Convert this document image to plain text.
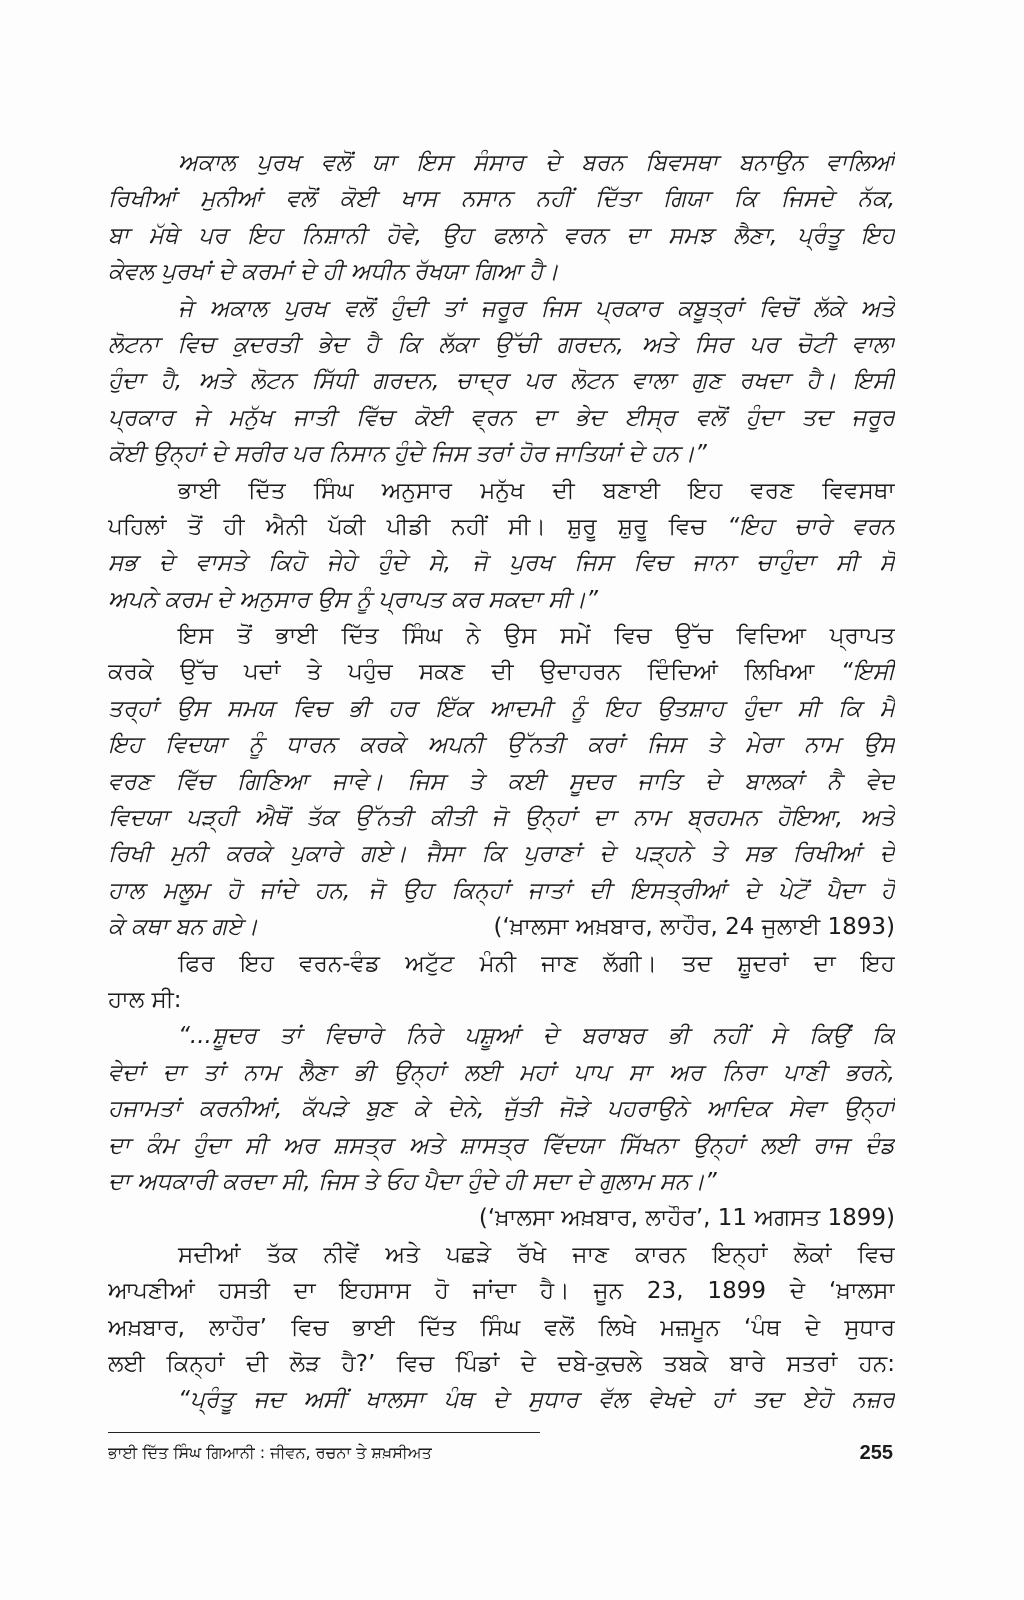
ਅਕਾਲ ਪੁਰਖ ਵਲੋਂ ਯਾ ਇਸ ਸੰਸਾਰ ਦੇ ਬਰਨ ਬਿਵਸਥਾ ਬਨਾਉਨ ਵਾਲਿਆਂ
ਰਿਖੀਆਂ ਮੁਨੀਆਂ ਵਲੋਂ ਕੋਈ ਖਾਸ ਨਸਾਨ ਨਹੀਂ ਦਿੱਤਾ ਗਿਯਾ ਕਿ ਜਿਸਦੇ ਨੱਕ,
ਬਾ ਮੱਥੇ ਪਰ ਇਹ ਨਿਸ਼ਾਨੀ ਹੋਵੇ, ਉਹ ਫਲਾਨੇ ਵਰਨ ਦਾ ਸਮਝ ਲੈਣਾ, ਪ੍ਰੰਤੂ ਇਹ
ਕੇਵਲ ਪੁਰਖਾਂ ਦੇ ਕਰਮਾਂ ਦੇ ਹੀ ਅਧੀਨ ਰੱਖਯਾ ਗਿਆ ਹੈ।
ਜੇ ਅਕਾਲ ਪੁਰਖ ਵਲੋਂ ਹੁੰਦੀ ਤਾਂ ਜਰੂਰ ਜਿਸ ਪ੍ਰਕਾਰ ਕਬੂਤ੍ਰਾਂ ਵਿਚੋਂ ਲੱਕੇ ਅਤੇ
ਲੋਟਨਾ ਵਿਚ ਕੁਦਰਤੀ ਭੇਦ ਹੈ ਕਿ ਲੱਕਾ ਉੱਚੀ ਗਰਦਨ, ਅਤੇ ਸਿਰ ਪਰ ਚੋਟੀ ਵਾਲਾ
ਹੁੰਦਾ ਹੈ, ਅਤੇ ਲੋਟਨ ਸਿੱਧੀ ਗਰਦਨ, ਚਾਦ੍ਰ ਪਰ ਲੋਟਨ ਵਾਲਾ ਗੁਣ ਰਖਦਾ ਹੈ। ਇਸੀ
ਪ੍ਰਕਾਰ ਜੇ ਮਨੁੱਖ ਜਾਤੀ ਵਿੱਚ ਕੋਈ ਵ੍ਰਨ ਦਾ ਭੇਦ ਈਸ੍ਰ ਵਲੋਂ ਹੁੰਦਾ ਤਦ ਜਰੂਰ
ਕੋਈ ਉਨ੍ਹਾਂ ਦੇ ਸਰੀਰ ਪਰ ਨਿਸਾਨ ਹੁੰਦੇ ਜਿਸ ਤਰਾਂ ਹੋਰ ਜਾਤਿਯਾਂ ਦੇ ਹਨ।”
ਭਾਈ ਦਿੱਤ ਸਿੰਘ ਅਨੁਸਾਰ ਮਨੁੱਖ ਦੀ ਬਣਾਈ ਇਹ ਵਰਣ ਵਿਵਸਥਾ
ਪਹਿਲਾਂ ਤੋਂ ਹੀ ਐਨੀ ਪੱਕੀ ਪੀਡੀ ਨਹੀਂ ਸੀ। ਸ਼ੁਰੂ ਸ਼ੁਰੂ ਵਿਚ “ਇਹ ਚਾਰੇ ਵਰਨ
ਸਭ ਦੇ ਵਾਸਤੇ ਕਿਹੋ ਜੇਹੇ ਹੁੰਦੇ ਸੇ, ਜੋ ਪੁਰਖ ਜਿਸ ਵਿਚ ਜਾਨਾ ਚਾਹੁੰਦਾ ਸੀ ਸੋ
ਅਪਨੇ ਕਰਮ ਦੇ ਅਨੁਸਾਰ ਉਸ ਨੂੰ ਪ੍ਰਾਪਤ ਕਰ ਸਕਦਾ ਸੀ।”
ਇਸ ਤੋਂ ਭਾਈ ਦਿੱਤ ਸਿੰਘ ਨੇ ਉਸ ਸਮੇਂ ਵਿਚ ਉੱਚ ਵਿਦਿਆ ਪ੍ਰਾਪਤ
ਕਰਕੇ ਉੱਚ ਪਦਾਂ ਤੇ ਪਹੁੰਚ ਸਕਣ ਦੀ ਉਦਾਹਰਨ ਦਿੰਦਿਆਂ ਲਿਖਿਆ “ਇਸੀ
ਤਰ੍ਹਾਂ ਉਸ ਸਮਯ ਵਿਚ ਭੀ ਹਰ ਇੱਕ ਆਦਮੀ ਨੂੰ ਇਹ ਉਤਸ਼ਾਹ ਹੁੰਦਾ ਸੀ ਕਿ ਮੈਂ
ਇਹ ਵਿਦਯਾ ਨੂੰ ਧਾਰਨ ਕਰਕੇ ਅਪਨੀ ਉੱਨਤੀ ਕਰਾਂ ਜਿਸ ਤੇ ਮੇਰਾ ਨਾਮ ਉਸ
ਵਰਣ ਵਿੱਚ ਗਿਣਿਆ ਜਾਵੇ। ਜਿਸ ਤੇ ਕਈ ਸੂਦਰ ਜਾਤਿ ਦੇ ਬਾਲਕਾਂ ਨੈ ਵੇਦ
ਵਿਦਯਾ ਪੜ੍ਹੀ ਐਥੋਂ ਤੱਕ ਉੱਨਤੀ ਕੀਤੀ ਜੋ ਉਨ੍ਹਾਂ ਦਾ ਨਾਮ ਬ੍ਰਹਮਨ ਹੋਇਆ, ਅਤੇ
ਰਿਖੀ ਮੁਨੀ ਕਰਕੇ ਪੁਕਾਰੇ ਗਏ। ਜੈਸਾ ਕਿ ਪੁਰਾਣਾਂ ਦੇ ਪੜ੍ਹਨੇ ਤੇ ਸਭ ਰਿਖੀਆਂ ਦੇ
ਹਾਲ ਮਲੂਮ ਹੋ ਜਾਂਦੇ ਹਨ, ਜੋ ਉਹ ਕਿਨ੍ਹਾਂ ਜਾਤਾਂ ਦੀ ਇਸਤ੍ਰੀਆਂ ਦੇ ਪੇਟੋਂ ਪੈਦਾ ਹੋ
ਕੇ ਕਥਾ ਬਨ ਗਏ।	(‘ਖ਼ਾਲਸਾ ਅਖ਼ਬਾਰ, ਲਾਹੌਰ, 24 ਜੁਲਾਈ 1893)
ਫਿਰ ਇਹ ਵਰਨ-ਵੰਡ ਅਟੁੱਟ ਮੰਨੀ ਜਾਣ ਲੱਗੀ। ਤਦ ਸ਼ੂਦਰਾਂ ਦਾ ਇਹ
ਹਾਲ ਸੀ:
“...ਸ਼ੂਦਰ ਤਾਂ ਵਿਚਾਰੇ ਨਿਰੇ ਪਸ਼ੂਆਂ ਦੇ ਬਰਾਬਰ ਭੀ ਨਹੀਂ ਸੇ ਕਿਉਂ ਕਿ
ਵੇਦਾਂ ਦਾ ਤਾਂ ਨਾਮ ਲੈਣਾ ਭੀ ਉਨ੍ਹਾਂ ਲਈ ਮਹਾਂ ਪਾਪ ਸਾ ਅਰ ਨਿਰਾ ਪਾਣੀ ਭਰਨੇ,
ਹਜਾਮਤਾਂ ਕਰਨੀਆਂ, ਕੱਪੜੇ ਬੁਣ ਕੇ ਦੇਨੇ, ਜੁੱਤੀ ਜੋੜੇ ਪਹਰਾਉਨੇ ਆਦਿਕ ਸੇਵਾ ਉਨ੍ਹਾਂ
ਦਾ ਕੰਮ ਹੁੰਦਾ ਸੀ ਅਰ ਸ਼ਸਤ੍ਰ ਅਤੇ ਸ਼ਾਸਤ੍ਰ ਵਿੱਦਯਾ ਸਿੱਖਨਾ ਉਨ੍ਹਾਂ ਲਈ ਰਾਜ ਦੰਡ
ਦਾ ਅਧਕਾਰੀ ਕਰਦਾ ਸੀ, ਜਿਸ ਤੇ ਓਹ ਪੈਦਾ ਹੁੰਦੇ ਹੀ ਸਦਾ ਦੇ ਗੁਲਾਮ ਸਨ।”
(‘ਖ਼ਾਲਸਾ ਅਖ਼ਬਾਰ, ਲਾਹੌਰ’, 11 ਅਗਸਤ 1899)
ਸਦੀਆਂ ਤੱਕ ਨੀਵੇਂ ਅਤੇ ਪਛੜੇ ਰੱਖੇ ਜਾਣ ਕਾਰਨ ਇਨ੍ਹਾਂ ਲੋਕਾਂ ਵਿਚ
ਆਪਣੀਆਂ ਹਸਤੀ ਦਾ ਇਹਸਾਸ ਹੋ ਜਾਂਦਾ ਹੈ। ਜੂਨ 23, 1899 ਦੇ ‘ਖ਼ਾਲਸਾ
ਅਖ਼ਬਾਰ, ਲਾਹੌਰ’ ਵਿਚ ਭਾਈ ਦਿੱਤ ਸਿੰਘ ਵਲੋਂ ਲਿਖੇ ਮਜ਼ਮੂਨ ‘ਪੰਥ ਦੇ ਸੁਧਾਰ
ਲਈ ਕਿਨ੍ਹਾਂ ਦੀ ਲੋੜ ਹੈ?’ ਵਿਚ ਪਿੰਡਾਂ ਦੇ ਦਬੇ-ਕੁਚਲੇ ਤਬਕੇ ਬਾਰੇ ਸਤਰਾਂ ਹਨ:
“ਪ੍ਰੰਤੂ ਜਦ ਅਸੀਂ ਖਾਲਸਾ ਪੰਥ ਦੇ ਸੁਧਾਰ ਵੱਲ ਵੇਖਦੇ ਹਾਂ ਤਦ ਏਹੋ ਨਜ਼ਰ
ਭਾਈ ਦਿੱਤ ਸਿੰਘ ਗਿਆਨੀ : ਜੀਵਨ, ਰਚਨਾ ਤੇ ਸ਼ਖ਼ਸੀਅਤ	255
